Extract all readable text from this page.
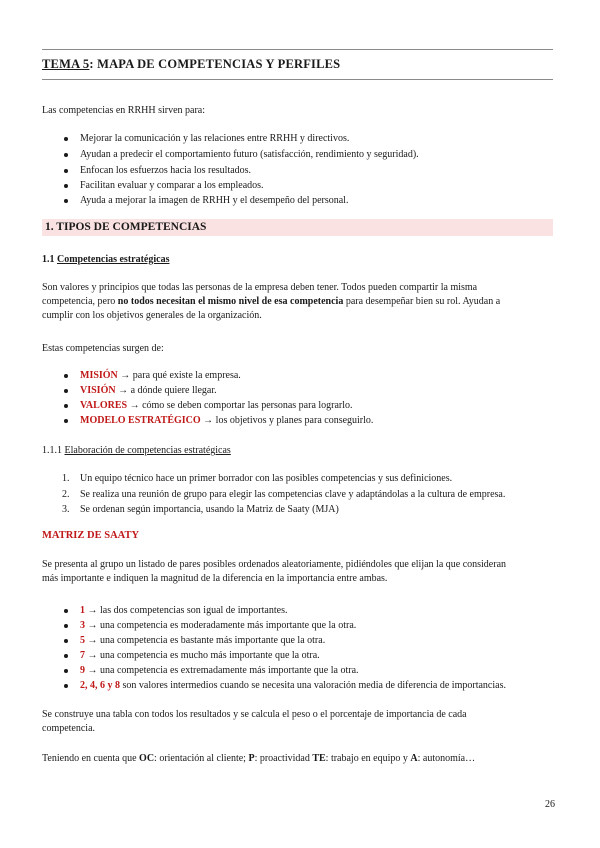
TEMA 5: MAPA DE COMPETENCIAS Y PERFILES
Las competencias en RRHH sirven para:
Mejorar la comunicación y las relaciones entre RRHH y directivos.
Ayudan a predecir el comportamiento futuro (satisfacción, rendimiento y seguridad).
Enfocan los esfuerzos hacia los resultados.
Facilitan evaluar y comparar a los empleados.
Ayuda a mejorar la imagen de RRHH y el desempeño del personal.
1. TIPOS DE COMPETENCIAS
1.1 Competencias estratégicas
Son valores y principios que todas las personas de la empresa deben tener. Todos pueden compartir la misma
competencia, pero no todos necesitan el mismo nivel de esa competencia para desempeñar bien su rol. Ayudan a
cumplir con los objetivos generales de la organización.
Estas competencias surgen de:
MISIÓN → para qué existe la empresa.
VISIÓN → a dónde quiere llegar.
VALORES → cómo se deben comportar las personas para lograrlo.
MODELO ESTRATÉGICO → los objetivos y planes para conseguirlo.
1.1.1 Elaboración de competencias estratégicas
1. Un equipo técnico hace un primer borrador con las posibles competencias y sus definiciones.
2. Se realiza una reunión de grupo para elegir las competencias clave y adaptándolas a la cultura de empresa.
3. Se ordenan según importancia, usando la Matriz de Saaty (MJA)
MATRIZ DE SAATY
Se presenta al grupo un listado de pares posibles ordenados aleatoriamente, pidiéndoles que elijan la que consideran
más importante e indiquen la magnitud de la diferencia en la importancia entre ambas.
1 → las dos competencias son igual de importantes.
3 → una competencia es moderadamente más importante que la otra.
5 → una competencia es bastante más importante que la otra.
7 → una competencia es mucho más importante que la otra.
9 → una competencia es extremadamente más importante que la otra.
2, 4, 6 y 8 son valores intermedios cuando se necesita una valoración media de diferencia de importancias.
Se construye una tabla con todos los resultados y se calcula el peso o el porcentaje de importancia de cada
competencia.
Teniendo en cuenta que OC: orientación al cliente; P: proactividad TE: trabajo en equipo y A: autonomía…
26
